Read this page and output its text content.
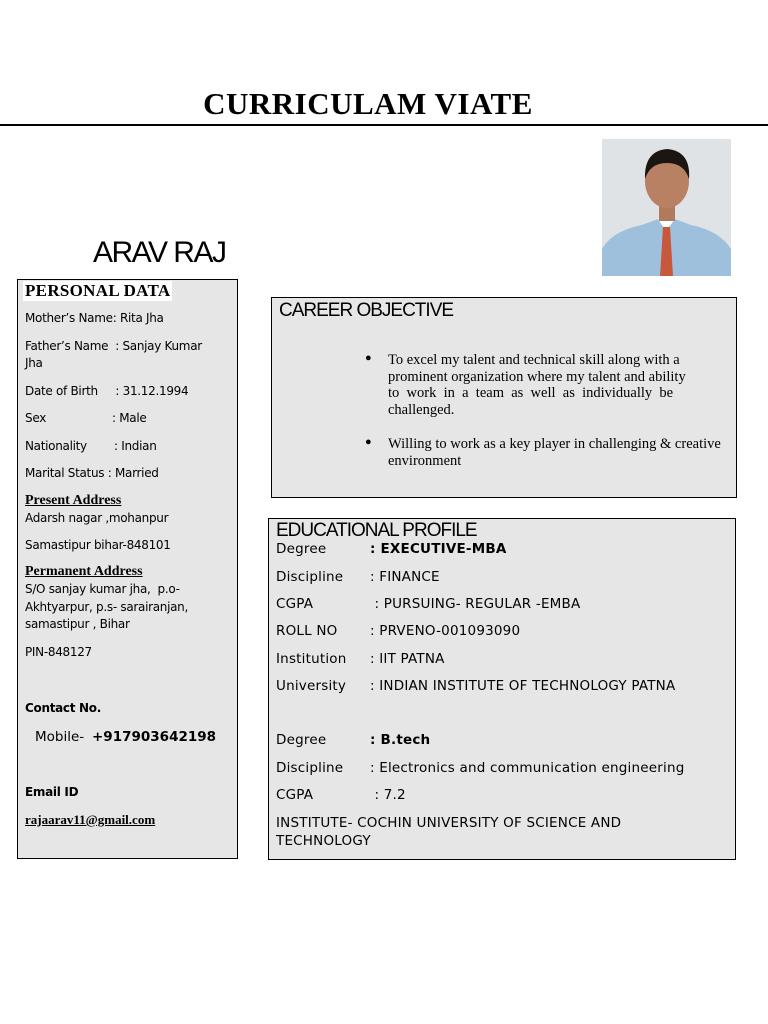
CURRICULAM VIATE
ARAV RAJ
PERSONAL DATA
Mother’s Name: Rita Jha
Father’s Name  : Sanjay Kumar
Jha
Date of Birth     : 31.12.1994
Sex	: Male
Nationality : Indian
Marital Status : Married
Present Address
Adarsh nagar ,mohanpur
Samastipur bihar-848101
Permanent Address
S/O sanjay kumar jha,  p.o-
Akhtyarpur, p.s- sarairanjan,
samastipur , Bihar
PIN-848127
Contact No.
Mobile- +917903642198
Email ID
rajaarav11@gmail.com
CAREER OBJECTIVE
● To excel my talent and technical skill along with a
prominent organization where my talent and ability
to  work  in  a  team  as  well  as  individually  be
challenged.
● Willing to work as a key player in challenging & creative
environment
EDUCATIONAL PROFILE
Degree	: EXECUTIVE-MBA
Discipline : FINANCE
CGPA	: PURSUING- REGULAR -EMBA
ROLL NO : PRVENO-001093090
Institution : IIT PATNA
University : INDIAN INSTITUTE OF TECHNOLOGY PATNA
Degree	: B.tech
Discipline : Electronics and communication engineering
CGPA	: 7.2
INSTITUTE- COCHIN UNIVERSITY OF SCIENCE AND
TECHNOLOGY
